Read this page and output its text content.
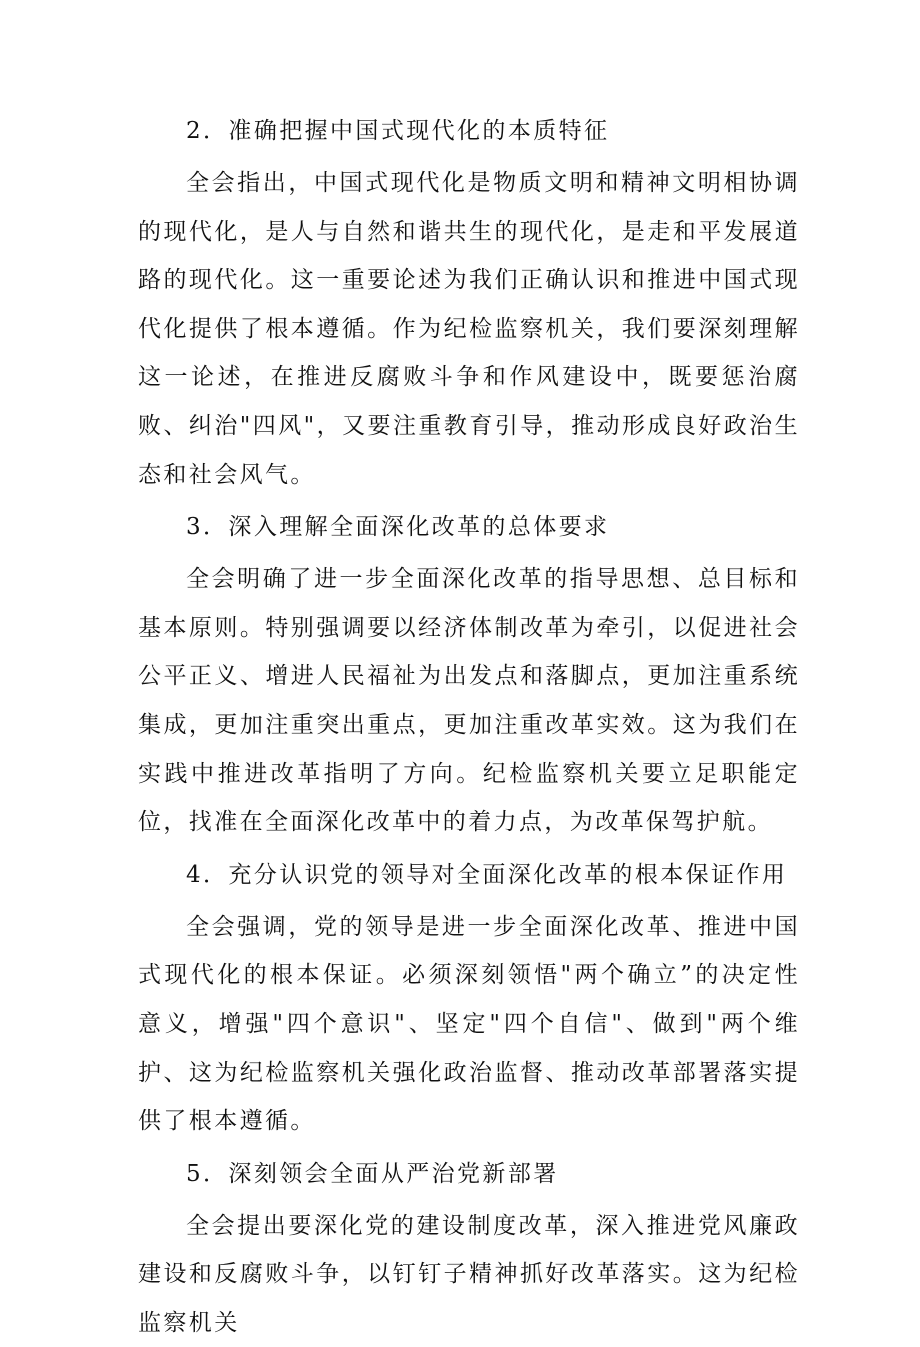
2．准确把握中国式现代化的本质特征

全会指出，中国式现代化是物质文明和精神文明相协调的现代化，是人与自然和谐共生的现代化，是走和平发展道路的现代化。这一重要论述为我们正确认识和推进中国式现代化提供了根本遵循。作为纪检监察机关，我们要深刻理解这一论述，在推进反腐败斗争和作风建设中，既要惩治腐败、纠治"四风"，又要注重教育引导，推动形成良好政治生态和社会风气。

3．深入理解全面深化改革的总体要求

全会明确了进一步全面深化改革的指导思想、总目标和基本原则。特别强调要以经济体制改革为牵引，以促进社会公平正义、增进人民福祉为出发点和落脚点，更加注重系统集成，更加注重突出重点，更加注重改革实效。这为我们在实践中推进改革指明了方向。纪检监察机关要立足职能定位，找准在全面深化改革中的着力点，为改革保驾护航。

4．充分认识党的领导对全面深化改革的根本保证作用

全会强调，党的领导是进一步全面深化改革、推进中国式现代化的根本保证。必须深刻领悟"两个确立”的决定性意义，增强"四个意识"、坚定"四个自信"、做到"两个维护、这为纪检监察机关强化政治监督、推动改革部署落实提供了根本遵循。

5．深刻领会全面从严治党新部署

全会提出要深化党的建设制度改革，深入推进党风廉政建设和反腐败斗争，以钉钉子精神抓好改革落实。这为纪检监察机关
